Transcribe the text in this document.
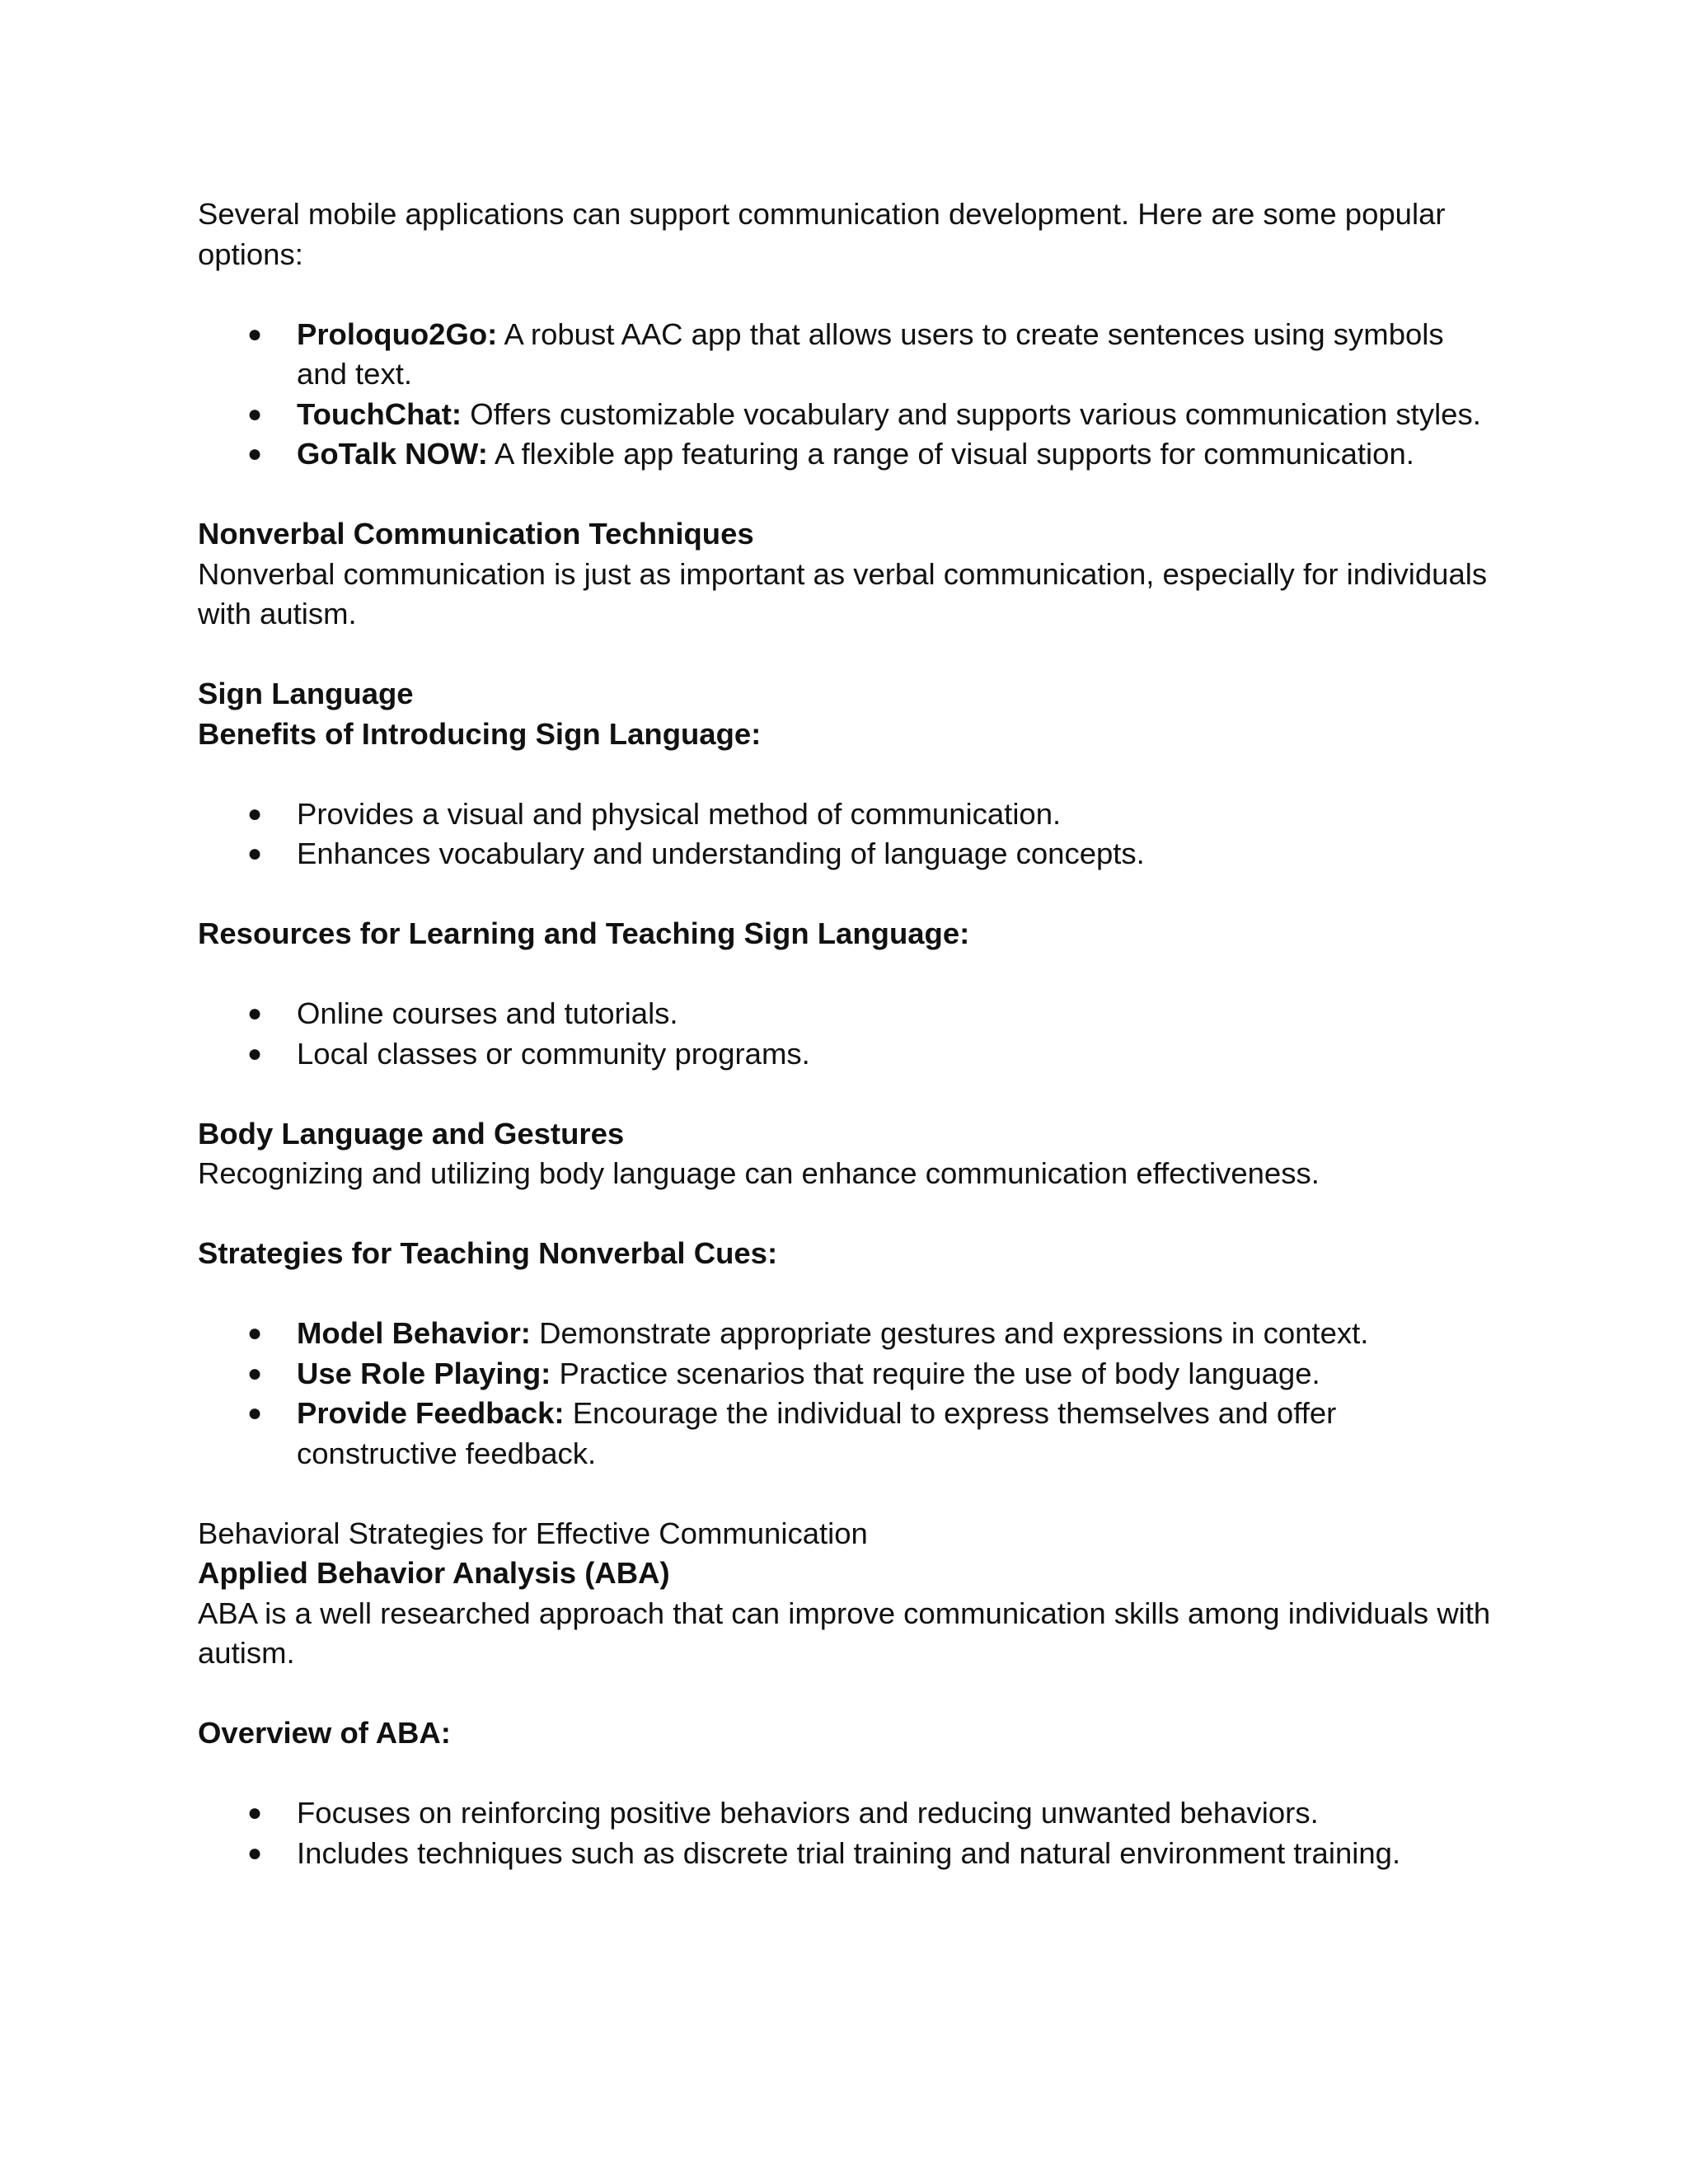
Several mobile applications can support communication development. Here are some popular options:

● Proloquo2Go: A robust AAC app that allows users to create sentences using symbols and text.
● TouchChat: Offers customizable vocabulary and supports various communication styles.
● GoTalk NOW: A flexible app featuring a range of visual supports for communication.

Nonverbal Communication Techniques

Nonverbal communication is just as important as verbal communication, especially for individuals with autism.

Sign Language

Benefits of Introducing Sign Language:

● Provides a visual and physical method of communication.
● Enhances vocabulary and understanding of language concepts.

Resources for Learning and Teaching Sign Language:

● Online courses and tutorials.
● Local classes or community programs.

Body Language and Gestures

Recognizing and utilizing body language can enhance communication effectiveness.

Strategies for Teaching Nonverbal Cues:

● Model Behavior: Demonstrate appropriate gestures and expressions in context.
● Use Role Playing: Practice scenarios that require the use of body language.
● Provide Feedback: Encourage the individual to express themselves and offer constructive feedback.

Behavioral Strategies for Effective Communication

Applied Behavior Analysis (ABA)

ABA is a well researched approach that can improve communication skills among individuals with autism.

Overview of ABA:

● Focuses on reinforcing positive behaviors and reducing unwanted behaviors.
● Includes techniques such as discrete trial training and natural environment training.
